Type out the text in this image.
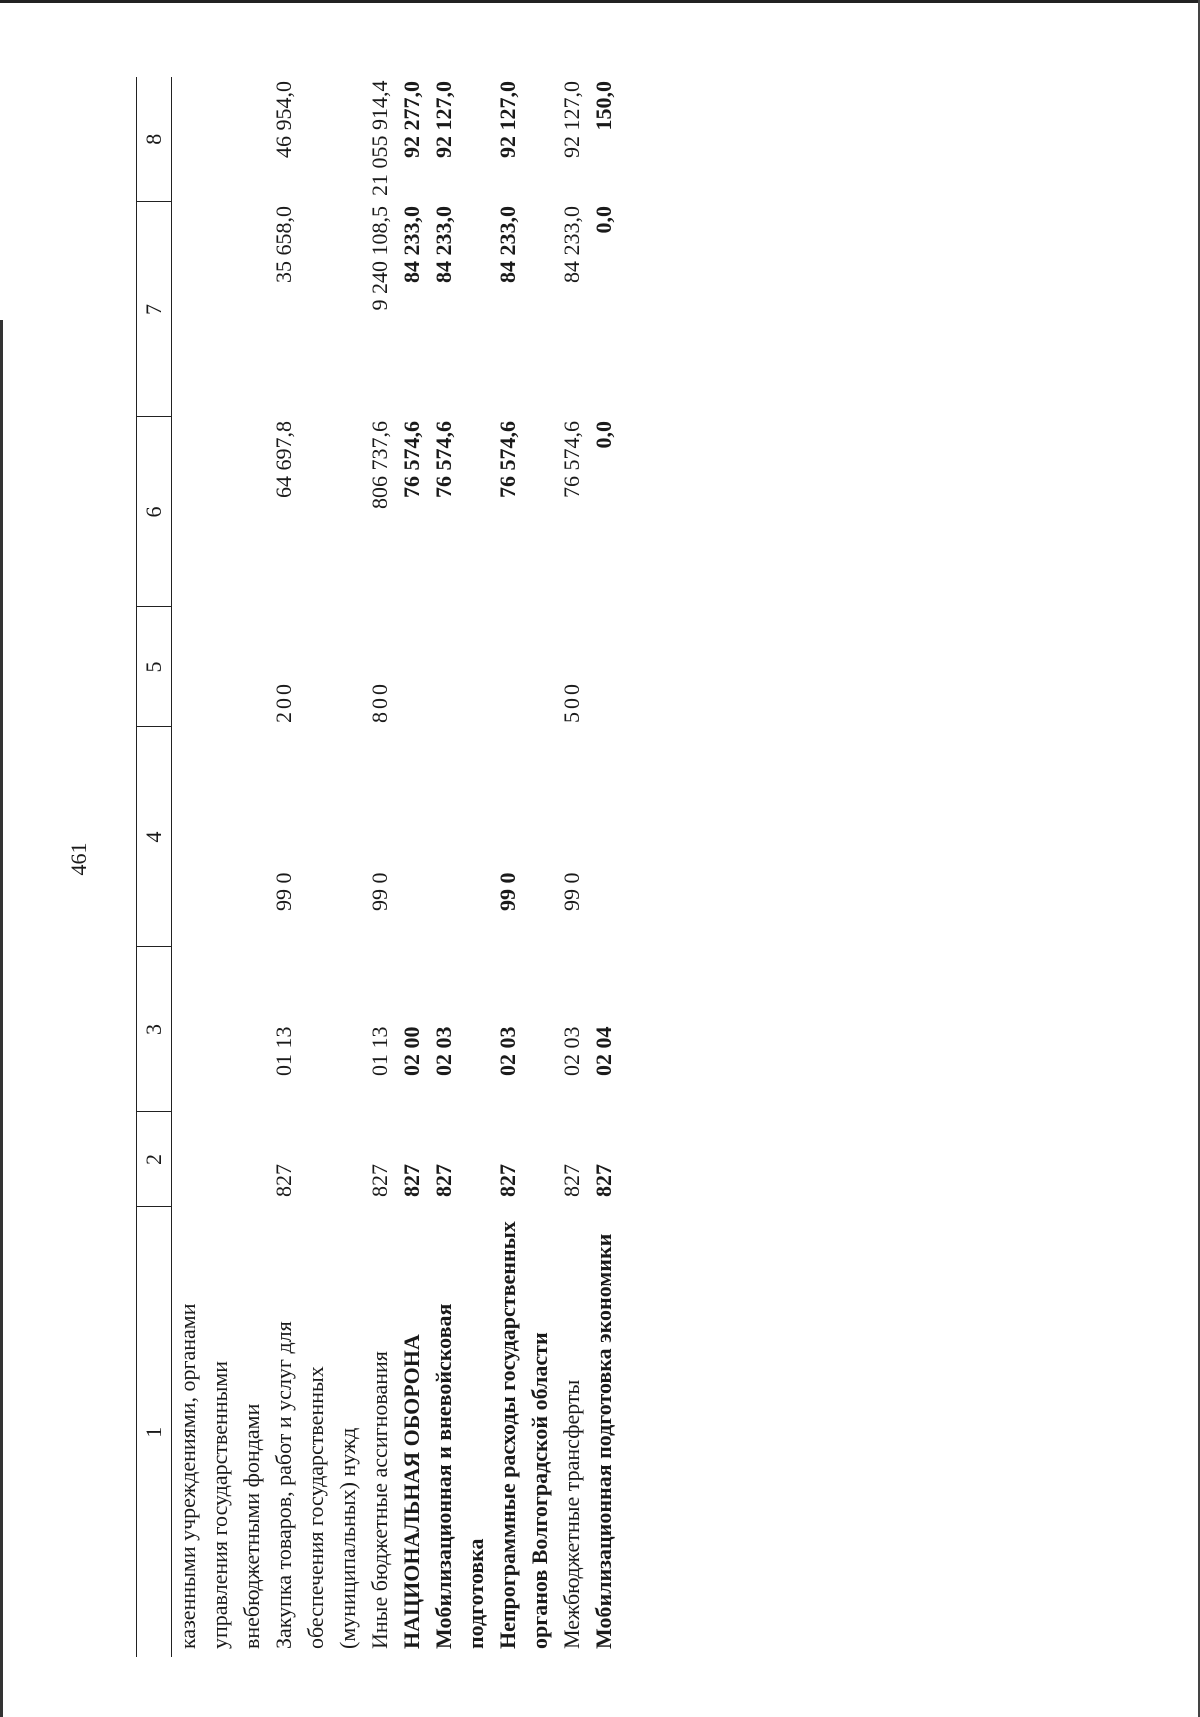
461
1	2	3	4	5	6	7	8
казенными учреждениями, органами управления государственными внебюджетными фондами							
Закупка товаров, работ и услуг для обеспечения государственных (муниципальных) нужд	827	01 13	99 0	200	64 697,8	35 658,0	46 954,0
Иные бюджетные ассигнования	827	01 13	99 0	800	806 737,6	9 240 108,5	21 055 914,4
НАЦИОНАЛЬНАЯ ОБОРОНА	827	02 00			76 574,6	84 233,0	92 277,0
Мобилизационная и вневойсковая подготовка	827	02 03			76 574,6	84 233,0	92 127,0
Непрограммные расходы государственных органов Волгоградской области	827	02 03	99 0		76 574,6	84 233,0	92 127,0
Межбюджетные трансферты	827	02 03	99 0	500	76 574,6	84 233,0	92 127,0
Мобилизационная подготовка экономики	827	02 04			0,0	0,0	150,0
